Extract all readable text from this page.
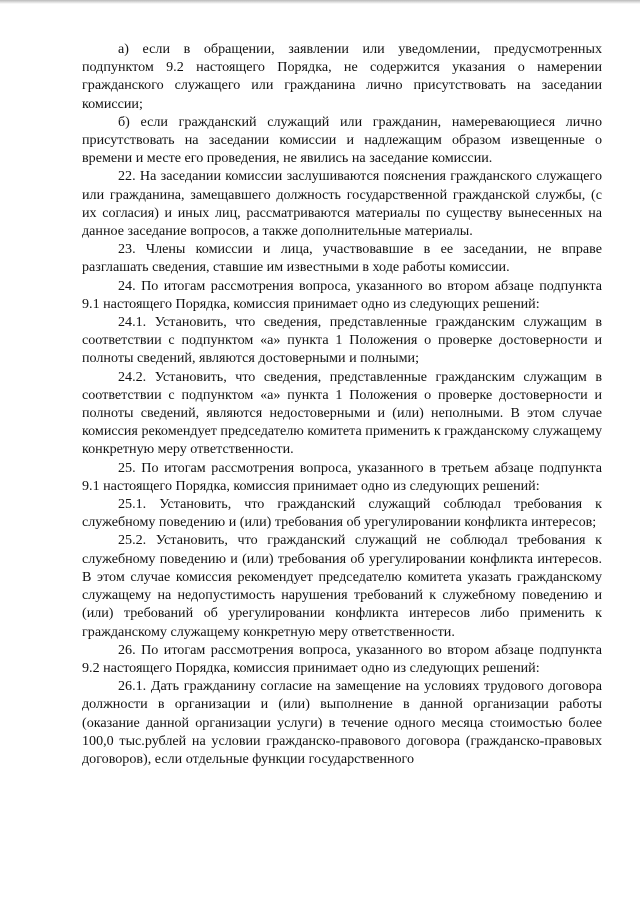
а) если в обращении, заявлении или уведомлении, предусмотренных подпунктом 9.2 настоящего Порядка, не содержится указания о намерении гражданского служащего или гражданина лично присутствовать на заседании комиссии;

б) если гражданский служащий или гражданин, намеревающиеся лично присутствовать на заседании комиссии и надлежащим образом извещенные о времени и месте его проведения, не явились на заседание комиссии.

22. На заседании комиссии заслушиваются пояснения гражданского служащего или гражданина, замещавшего должность государственной гражданской службы, (с их согласия) и иных лиц, рассматриваются материалы по существу вынесенных на данное заседание вопросов, а также дополнительные материалы.

23. Члены комиссии и лица, участвовавшие в ее заседании, не вправе разглашать сведения, ставшие им известными в ходе работы комиссии.

24. По итогам рассмотрения вопроса, указанного во втором абзаце подпункта 9.1 настоящего Порядка, комиссия принимает одно из следующих решений:

24.1. Установить, что сведения, представленные гражданским служащим в соответствии с подпунктом «а» пункта 1 Положения о проверке достоверности и полноты сведений, являются достоверными и полными;

24.2. Установить, что сведения, представленные гражданским служащим в соответствии с подпунктом «а» пункта 1 Положения о проверке достоверности и полноты сведений, являются недостоверными и (или) неполными. В этом случае комиссия рекомендует председателю комитета применить к гражданскому служащему конкретную меру ответственности.

25. По итогам рассмотрения вопроса, указанного в третьем абзаце подпункта 9.1 настоящего Порядка, комиссия принимает одно из следующих решений:

25.1. Установить, что гражданский служащий соблюдал требования к служебному поведению и (или) требования об урегулировании конфликта интересов;

25.2. Установить, что гражданский служащий не соблюдал требования к служебному поведению и (или) требования об урегулировании конфликта интересов. В этом случае комиссия рекомендует председателю комитета указать гражданскому служащему на недопустимость нарушения требований к служебному поведению и (или) требований об урегулировании конфликта интересов либо применить к гражданскому служащему конкретную меру ответственности.

26. По итогам рассмотрения вопроса, указанного во втором абзаце подпункта 9.2 настоящего Порядка, комиссия принимает одно из следующих решений:

26.1. Дать гражданину согласие на замещение на условиях трудового договора должности в организации и (или) выполнение в данной организации работы (оказание данной организации услуги) в течение одного месяца стоимостью более 100,0 тыс.рублей на условии гражданско-правового договора (гражданско-правовых договоров), если отдельные функции государственного
